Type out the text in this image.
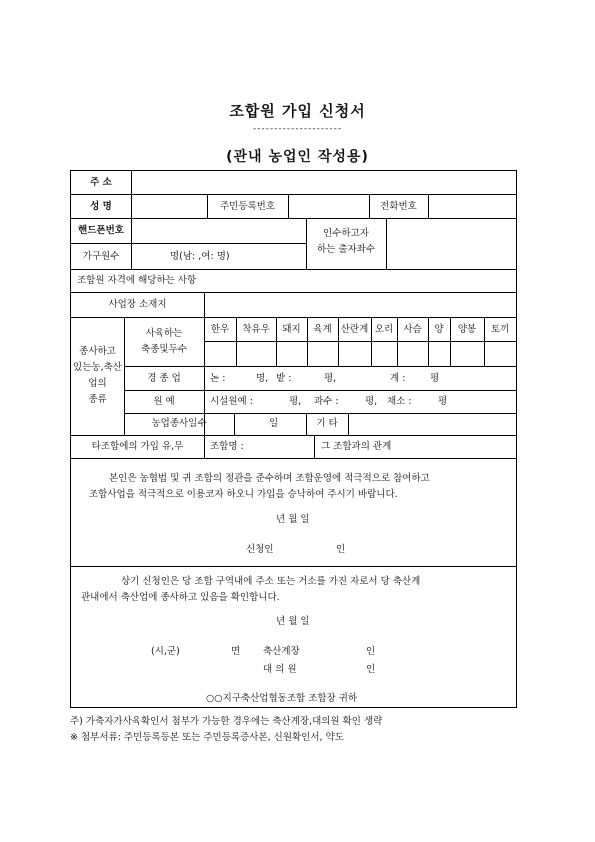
조합원 가입 신청서
---------------------
(관내 농업인 작성용)
주 소
성 명	주민등록번호	전화번호
핸드폰번호
가구원수	명(남: ,여: 명)
인수하고자
하는 출자좌수
조합원 자격에 해당하는 사항
사업장 소재지
종사하고
있는농,축산
업의
종류
사육하는
축종및두수
한우	착유우	돼지	육계 산란계 오리	사슴	양	양봉	토끼
경 종 업	논 :	명, 밭 :	평,	계 :	평
원 예	시설원예 :	평, 과수 :	평, 채소 :	평
농업종사일수	일	기 타
타조합에의 가입 유,무	조합명 :	그 조합과의 관계
본인은 농협법 및 귀 조합의 정관을 준수하며 조합운영에 적극적으로 참여하고
조합사업을 적극적으로 이용코자 하오니 가입을 승낙하여 주시기 바랍니다.
년 월 일
신청인	인
상기 신청인은 당 조합 구역내에 주소 또는 거소를 가진 자로서 당 축산계
관내에서 축산업에 종사하고 있음을 확인합니다.
년 월 일
(시,군)	면 축산계장	인
대 의 원	인
○○지구축산업협동조합 조합장 귀하
주) 가축자가사육확인서 첨부가 가능한 경우에는 축산계장,대의원 확인 생략
※ 첨부서류: 주민등록등본 또는 주민등록증사본, 신원확인서, 약도
